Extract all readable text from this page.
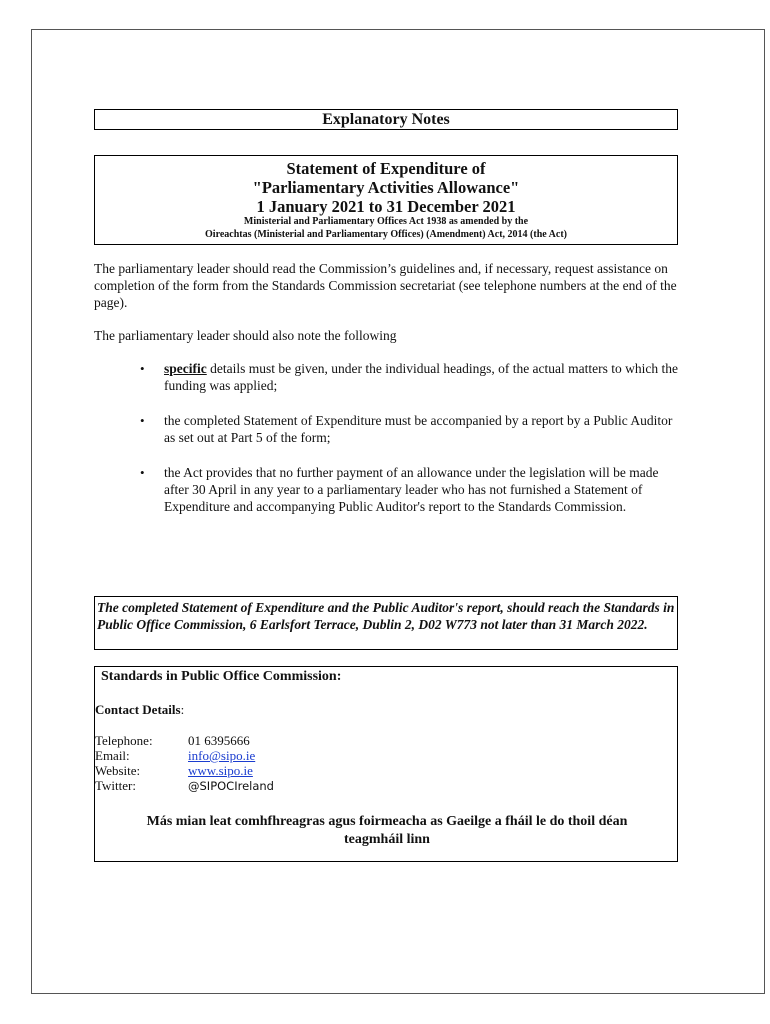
Explanatory Notes
Statement of Expenditure of
"Parliamentary Activities Allowance"
1 January 2021 to 31 December 2021
Ministerial and Parliamentary Offices Act 1938 as amended by the
Oireachtas (Ministerial and Parliamentary Offices) (Amendment) Act, 2014 (the Act)
The parliamentary leader should read the Commission’s guidelines and, if necessary, request assistance on completion of the form from the Standards Commission secretariat (see telephone numbers at the end of the page).
The parliamentary leader should also note the following
• specific details must be given, under the individual headings, of the actual matters to which the funding was applied;
• the completed Statement of Expenditure must be accompanied by a report by a Public Auditor as set out at Part 5 of the form;
• the Act provides that no further payment of an allowance under the legislation will be made after 30 April in any year to a parliamentary leader who has not furnished a Statement of Expenditure and accompanying Public Auditor's report to the Standards Commission.
The completed Statement of Expenditure and the Public Auditor's report, should reach the Standards in Public Office Commission, 6 Earlsfort Terrace, Dublin 2, D02 W773 not later than 31 March 2022.
Standards in Public Office Commission:
Contact Details:
Telephone:	01 6395666
Email:	info@sipo.ie
Website:	www.sipo.ie
Twitter:	@SIPOCIreland
Más mian leat comhfhreagras agus foirmeacha as Gaeilge a fháil le do thoil déan
teagmháil linn
